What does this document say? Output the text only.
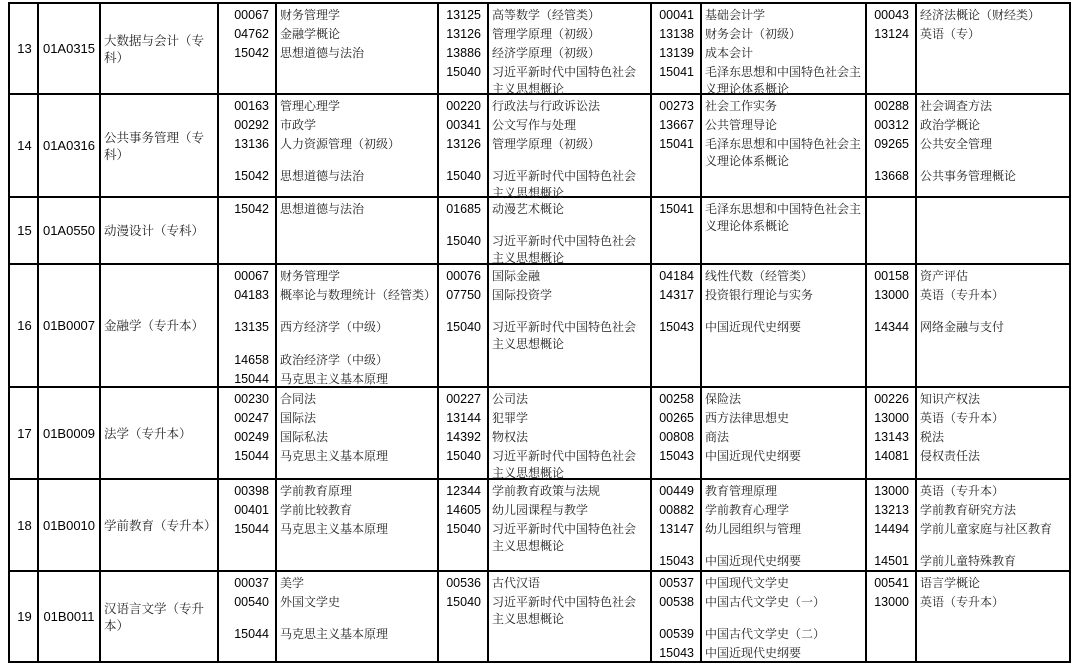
13 01A0315
大数据与会计（专科）
00067
04762
15042
财务管理学
金融学概论
思想道德与法治
13125
13126
13886
15040
高等数学（经管类）
管理学原理（初级）
经济学原理（初级）
习近平新时代中国特色社会主义思想概论
00041
13138
13139
15041
基础会计学
财务会计（初级）
成本会计
毛泽东思想和中国特色社会主义理论体系概论
00043
13124
经济法概论（财经类）
英语（专）
14 01A0316
公共事务管理（专科）
00163
00292
13136
15042
管理心理学
市政学
人力资源管理（初级）
思想道德与法治
00220
00341
13126
15040
行政法与行政诉讼法
公文写作与处理
管理学原理（初级）
习近平新时代中国特色社会主义思想概论
00273
13667
15041
社会工作实务
公共管理导论
毛泽东思想和中国特色社会主义理论体系概论
00288
00312
09265
13668
社会调查方法
政治学概论
公共安全管理
公共事务管理概论
15 01A0550 动漫设计（专科）
15042 思想道德与法治	01685
15040
动漫艺术概论
习近平新时代中国特色社会主义思想概论
15041 毛泽东思想和中国特色社会主义理论体系概论
16 01B0007 金融学（专升本）
00067
04183
13135
14658
15044
财务管理学
概率论与数理统计（经管类）
西方经济学（中级）
政治经济学（中级）
马克思主义基本原理
00076
07750
15040
国际金融
国际投资学
习近平新时代中国特色社会主义思想概论
04184
14317
15043
线性代数（经管类）
投资银行理论与实务
中国近现代史纲要
00158
13000
14344
资产评估
英语（专升本）
网络金融与支付
17 01B0009 法学（专升本）
00230
00247
00249
15044
合同法
国际法
国际私法
马克思主义基本原理
00227
13144
14392
15040
公司法
犯罪学
物权法
习近平新时代中国特色社会主义思想概论
00258
00265
00808
15043
保险法
西方法律思想史
商法
中国近现代史纲要
00226
13000
13143
14081
知识产权法
英语（专升本）
税法
侵权责任法
18 01B0010 学前教育（专升本）
00398
00401
15044
学前教育原理
学前比较教育
马克思主义基本原理
12344
14605
15040
学前教育政策与法规
幼儿园课程与教学
习近平新时代中国特色社会主义思想概论
00449
00882
13147
15043
教育管理原理
学前教育心理学
幼儿园组织与管理
中国近现代史纲要
13000
13213
14494
14501
英语（专升本）
学前教育研究方法
学前儿童家庭与社区教育
学前儿童特殊教育
19 01B0011
汉语言文学（专升本）
00037
00540
15044
美学
外国文学史
马克思主义基本原理
00536
15040
古代汉语
习近平新时代中国特色社会主义思想概论
00537
00538
00539
15043
中国现代文学史
中国古代文学史（一）
中国古代文学史（二）
中国近现代史纲要
00541
13000
语言学概论
英语（专升本）
